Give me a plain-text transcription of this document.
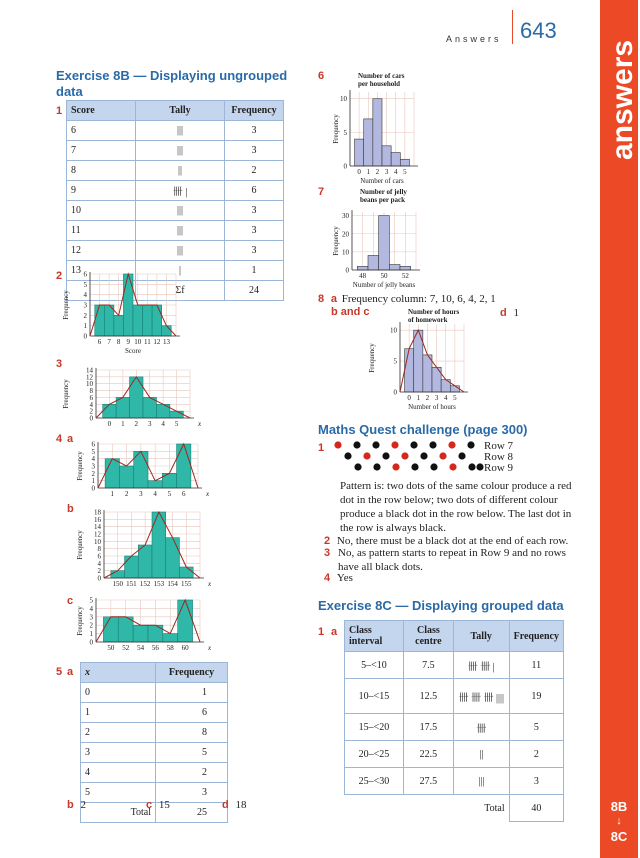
Answers 643
answers
8B
↓
8C
Exercise 8B — Displaying ungrouped
data
1 Score	Tally	Frequency
6	|||	3
7	|||	3
8	||	2
9	卌 |	6
10	|||	3
11	|||	3
12	|||	3
13	|	1
	Σf	24
2
3
4 a
b
c
0
1
2
3
4
5
6
6 7 8 9 10 11 12 13
Frequency
Score
0
2
4
6
8
10
12
14
0 1 2 3 4 5
Frequency
x
0
1
2
3
4
5
6
1 2 3 4 5 6
Frequency
x
0
2
4
6
8
10
12
14
16
18
150 151 152 153 154 155
Frequency
x
0
1
2
3
4
5
50 52 54 56 58 60
Frequency
x
5 a x	Frequency
0	1
1	6
2	8
3	5
4	2
5	3
Total	25
b 2	c 15	d 18
6
0
5
10
0 1 2 3 4 5
Frequency
Number of cars
Number of cars per household
7
0
10
20
30
48 50 52
Frequency
Number of jelly beans
Number of jelly beans per pack
8 a Frequency column: 7, 10, 6, 4, 2, 1
b and c	d 1
0
5
10
0 1 2 3 4 5
Frequency
Number of hours
Number of hours of homework
Maths Quest challenge (page 300)
1	Row 7
Row 8
Row 9
Pattern is: two dots of the same colour produce a red dot in the row below; two dots of different colour produce a black dot in the row below. The last dot in the row is always black.
2 No, there must be a black dot at the end of each row.
3 No, as pattern starts to repeat in Row 9 and no rows have all black dots.
4 Yes
Exercise 8C — Displaying grouped data
1 a Class interval	Class centre	Tally	Frequency
5–<10	7.5	卌 卌 |	11
10–<15	12.5	卌 卌 卌 ||||	19
15–<20	17.5	卌	5
20–<25	22.5	||	2
25–<30	27.5	|||	3
		Total	40
